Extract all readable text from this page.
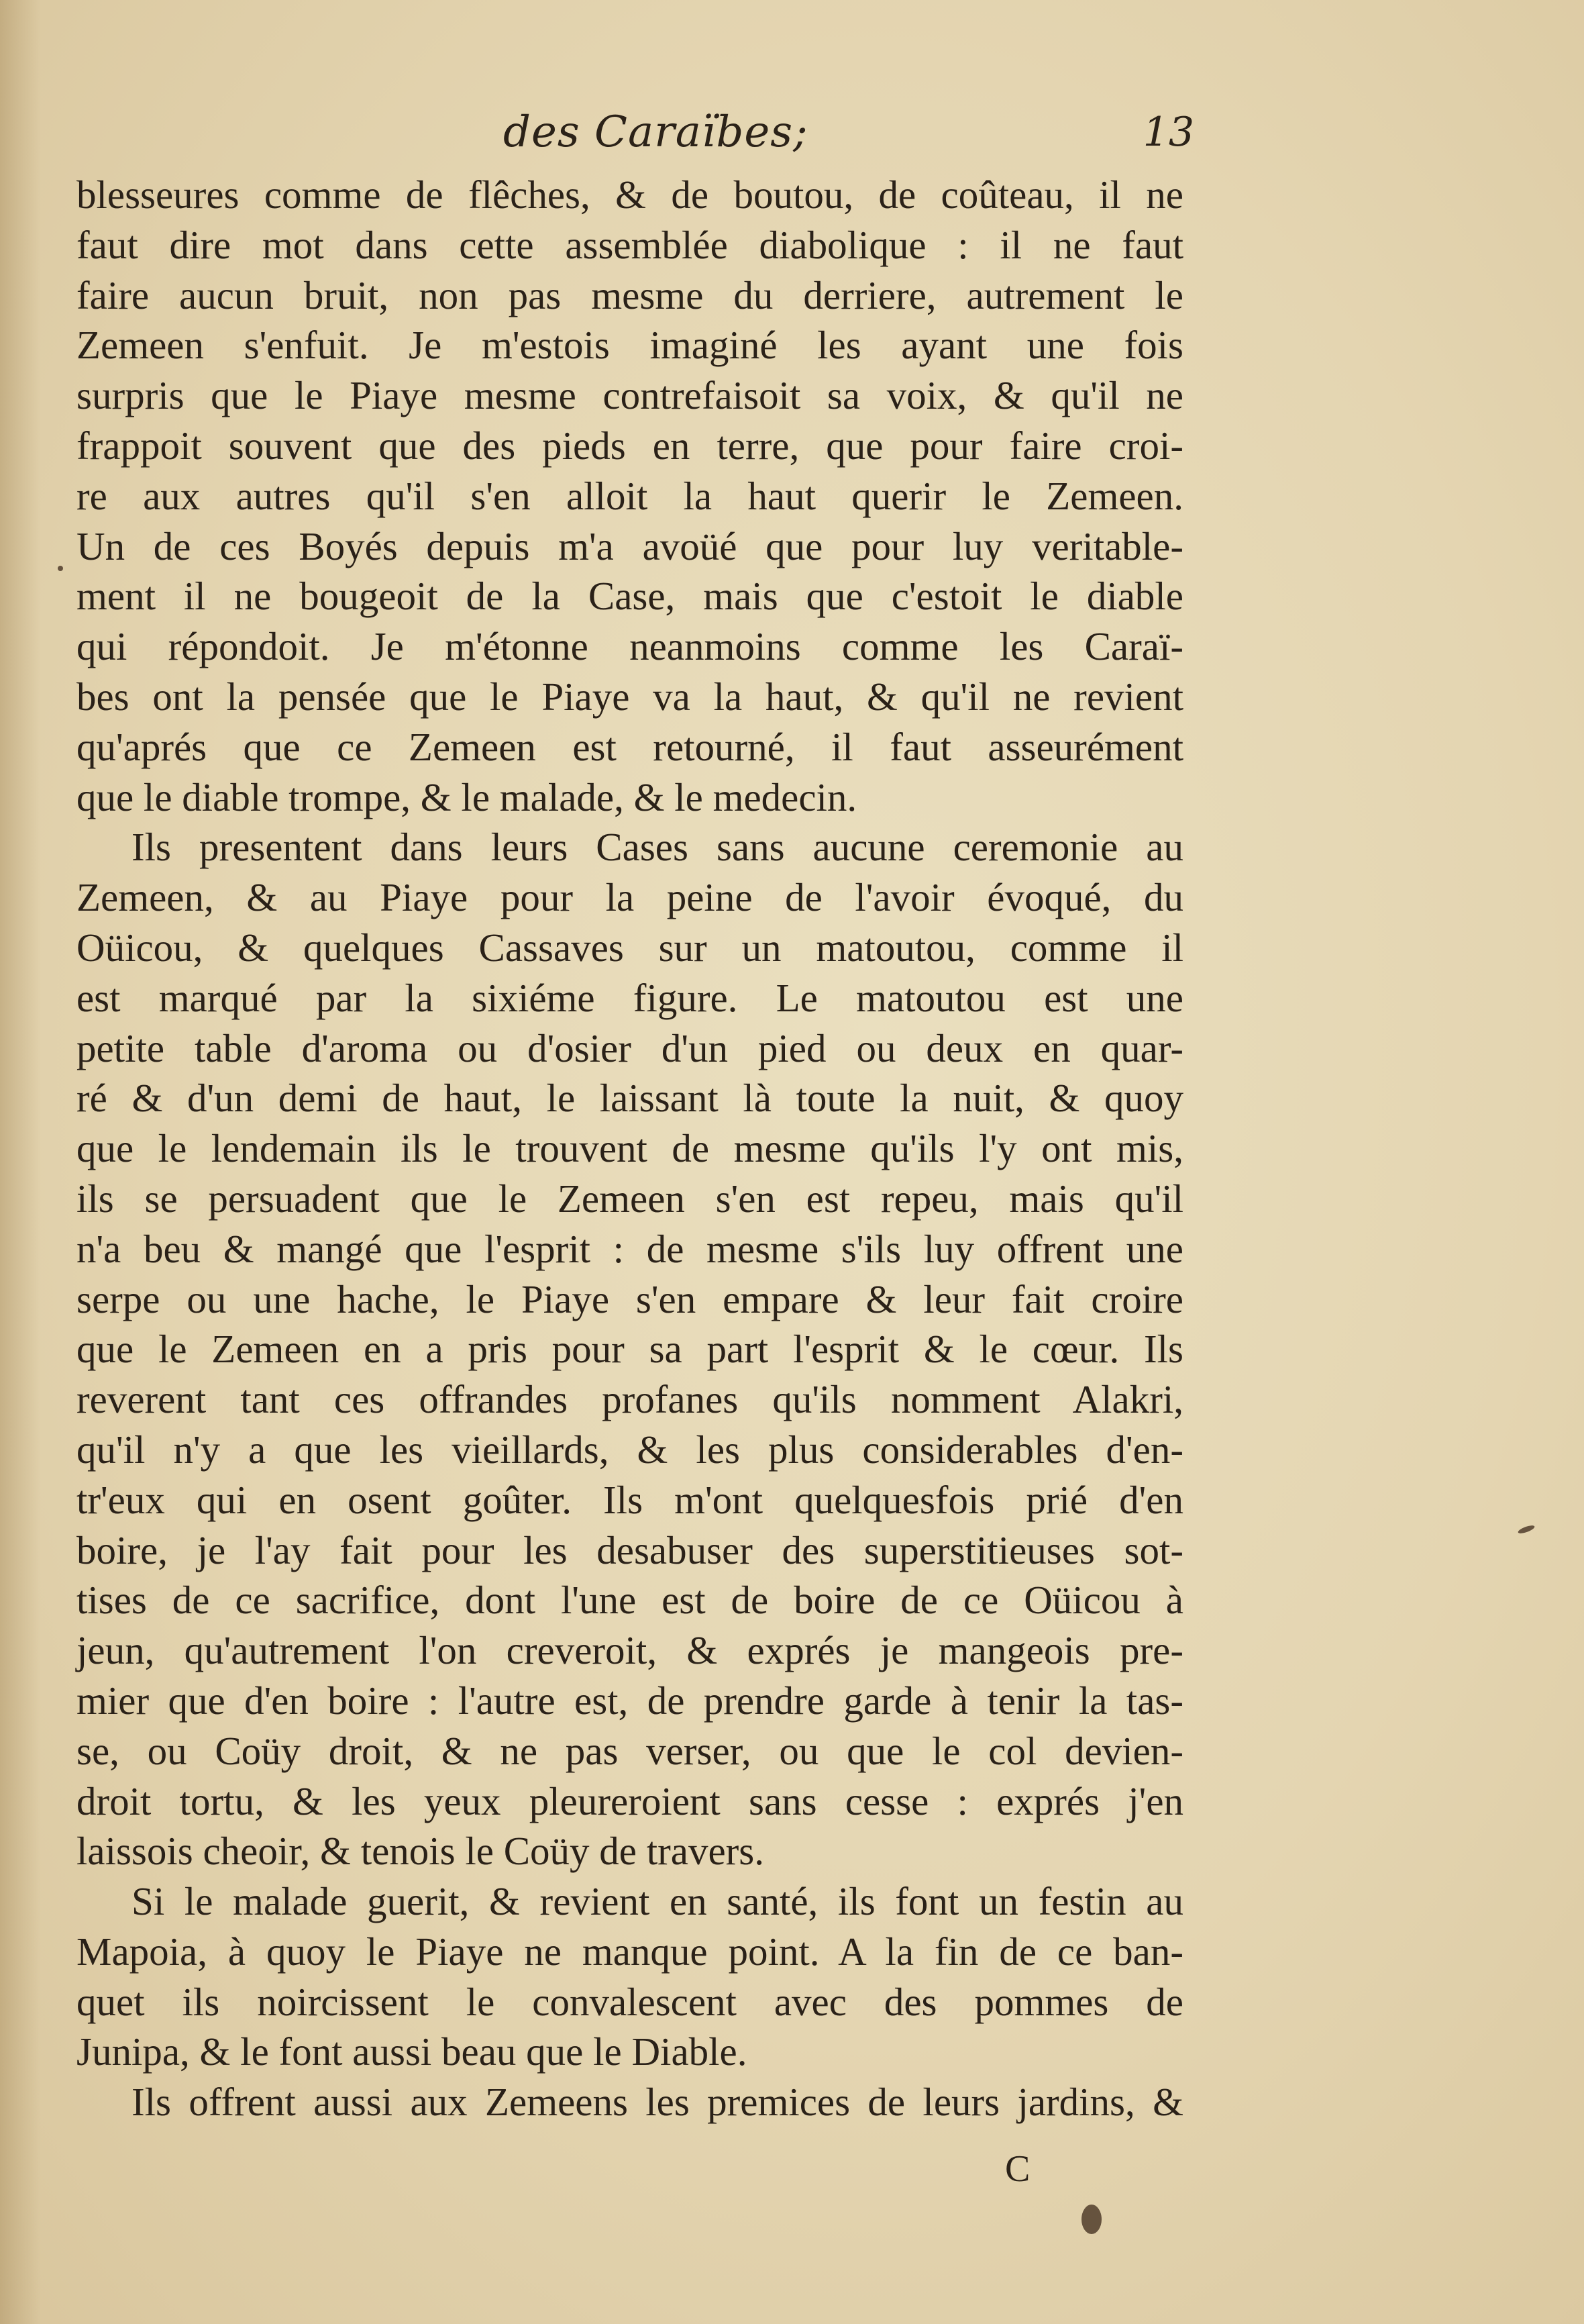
des Caraïbes;	13
blesseures comme de flêches, & de boutou, de coûteau, il ne
faut dire mot dans cette assemblée diabolique : il ne faut
faire aucun bruit, non pas mesme du derriere, autrement le
Zemeen s'enfuit. Je m'estois imaginé les ayant une fois
surpris que le Piaye mesme contrefaisoit sa voix, & qu'il ne
frappoit souvent que des pieds en terre, que pour faire croi-
re aux autres qu'il s'en alloit la haut querir le Zemeen.
Un de ces Boyés depuis m'a avoüé que pour luy veritable-
ment il ne bougeoit de la Case, mais que c'estoit le diable
qui répondoit. Je m'étonne neanmoins comme les Caraï-
bes ont la pensée que le Piaye va la haut, & qu'il ne revient
qu'aprés que ce Zemeen est retourné, il faut asseurément
que le diable trompe, & le malade, & le medecin.
Ils presentent dans leurs Cases sans aucune ceremonie au
Zemeen, & au Piaye pour la peine de l'avoir évoqué, du
Oüicou, & quelques Cassaves sur un matoutou, comme il
est marqué par la sixiéme figure. Le matoutou est une
petite table d'aroma ou d'osier d'un pied ou deux en quar-
ré & d'un demi de haut, le laissant là toute la nuit, & quoy
que le lendemain ils le trouvent de mesme qu'ils l'y ont mis,
ils se persuadent que le Zemeen s'en est repeu, mais qu'il
n'a beu & mangé que l'esprit : de mesme s'ils luy offrent une
serpe ou une hache, le Piaye s'en empare & leur fait croire
que le Zemeen en a pris pour sa part l'esprit & le cœur. Ils
reverent tant ces offrandes profanes qu'ils nomment Alakri,
qu'il n'y a que les vieillards, & les plus considerables d'en-
tr'eux qui en osent goûter. Ils m'ont quelquesfois prié d'en
boire, je l'ay fait pour les desabuser des superstitieuses sot-
tises de ce sacrifice, dont l'une est de boire de ce Oüicou à
jeun, qu'autrement l'on creveroit, & exprés je mangeois pre-
mier que d'en boire : l'autre est, de prendre garde à tenir la tas-
se, ou Coüy droit, & ne pas verser, ou que le col devien-
droit tortu, & les yeux pleureroient sans cesse : exprés j'en
laissois cheoir, & tenois le Coüy de travers.
Si le malade guerit, & revient en santé, ils font un festin au
Mapoia, à quoy le Piaye ne manque point. A la fin de ce ban-
quet ils noircissent le convalescent avec des pommes de
Junipa, & le font aussi beau que le Diable.
Ils offrent aussi aux Zemeens les premices de leurs jardins, &
C
